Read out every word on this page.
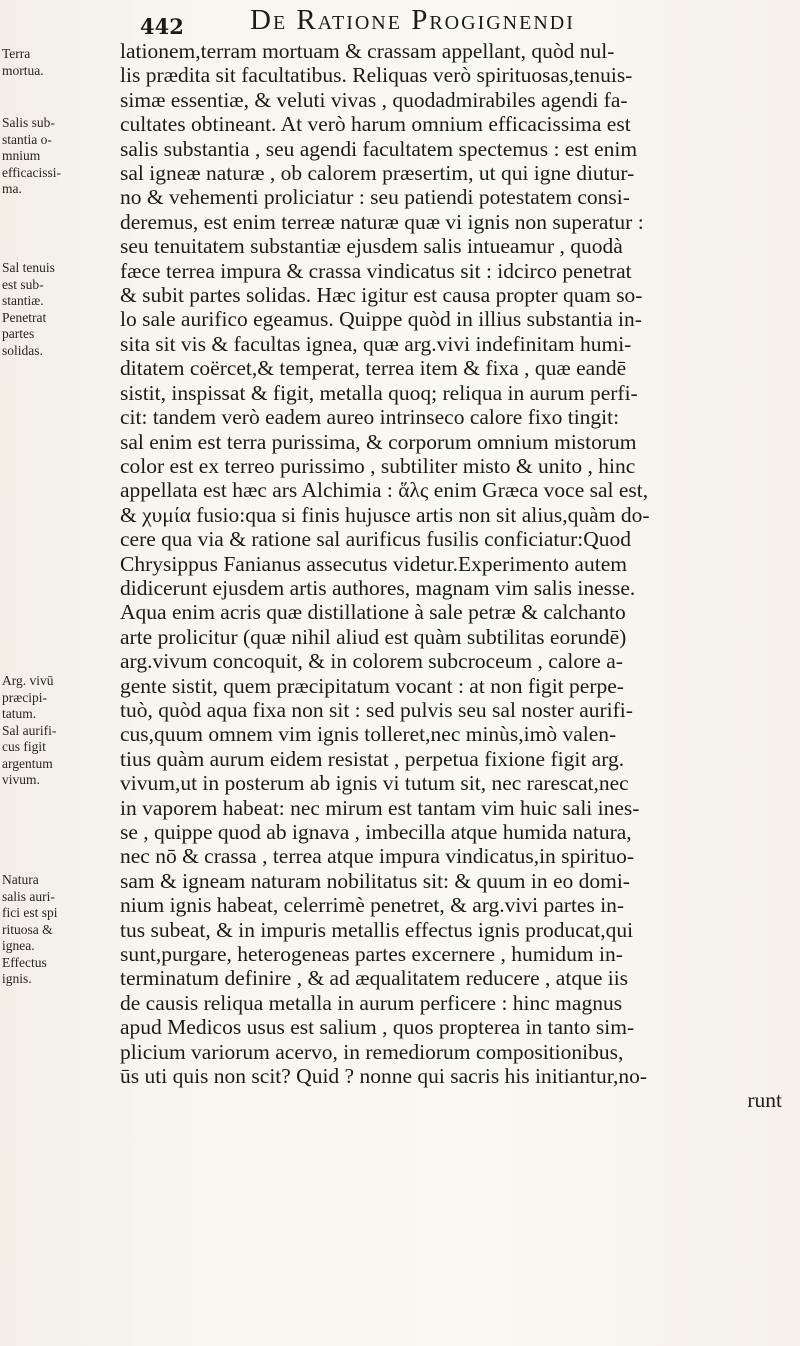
442 De Ratione Progignendi
Terra
mortua.
Salis sub-
stantia o-
mnium
efficacissi-
ma.
Sal tenuis
est sub-
stantiæ.
Penetrat
partes
solidas.
Arg. vivū
præcipi-
tatum.
Sal aurifi-
cus figit
argentum
vivum.
Natura
salis auri-
fici est spi
rituosa &
ignea.
Effectus
ignis.
lationem,terram mortuam & crassam appellant, quòd nul-
lis prædita sit facultatibus. Reliquas verò spirituosas,tenuis-
simæ essentiæ, & veluti vivas , quodadmirabiles agendi fa-
cultates obtineant. At verò harum omnium efficacissima est
salis substantia , seu agendi facultatem spectemus : est enim
sal igneæ naturæ , ob calorem præsertim, ut qui igne diutur-
no & vehementi proliciatur : seu patiendi potestatem consi-
deremus, est enim terreæ naturæ quæ vi ignis non superatur :
seu tenuitatem substantiæ ejusdem salis intueamur , quodà
fæce terrea impura & crassa vindicatus sit : idcirco penetrat
& subit partes solidas. Hæc igitur est causa propter quam so-
lo sale aurifico egeamus. Quippe quòd in illius substantia in-
sita sit vis & facultas ignea, quæ arg.vivi indefinitam humi-
ditatem coërcet,& temperat, terrea item & fixa , quæ eandē
sistit, inspissat & figit, metalla quoq; reliqua in aurum perfi-
cit: tandem verò eadem aureo intrinseco calore fixo tingit:
sal enim est terra purissima, & corporum omnium mistorum
color est ex terreo purissimo , subtiliter misto & unito , hinc
appellata est hæc ars Alchimia : ἅλς enim Græca voce sal est,
& χυμία fusio:qua si finis hujusce artis non sit alius,quàm do-
cere qua via & ratione sal aurificus fusilis conficiatur:Quod
Chrysippus Fanianus assecutus videtur.Experimento autem
didicerunt ejusdem artis authores, magnam vim salis inesse.
Aqua enim acris quæ distillatione à sale petræ & calchanto
arte prolicitur (quæ nihil aliud est quàm subtilitas eorundē)
arg.vivum concoquit, & in colorem subcroceum , calore a-
gente sistit, quem præcipitatum vocant : at non figit perpe-
tuò, quòd aqua fixa non sit : sed pulvis seu sal noster aurifi-
cus,quum omnem vim ignis tolleret,nec minùs,imò valen-
tius quàm aurum eidem resistat , perpetua fixione figit arg.
vivum,ut in posterum ab ignis vi tutum sit, nec rarescat,nec
in vaporem habeat: nec mirum est tantam vim huic sali ines-
se , quippe quod ab ignava , imbecilla atque humida natura,
nec nō & crassa , terrea atque impura vindicatus,in spirituo-
sam & igneam naturam nobilitatus sit: & quum in eo domi-
nium ignis habeat, celerrimè penetret, & arg.vivi partes in-
tus subeat, & in impuris metallis effectus ignis producat,qui
sunt,purgare, heterogeneas partes excernere , humidum in-
terminatum definire , & ad æqualitatem reducere , atque iis
de causis reliqua metalla in aurum perficere : hinc magnus
apud Medicos usus est salium , quos propterea in tanto sim-
plicium variorum acervo, in remediorum compositionibus,
ūs uti quis non scit? Quid ? nonne qui sacris his initiantur,no-
runt
